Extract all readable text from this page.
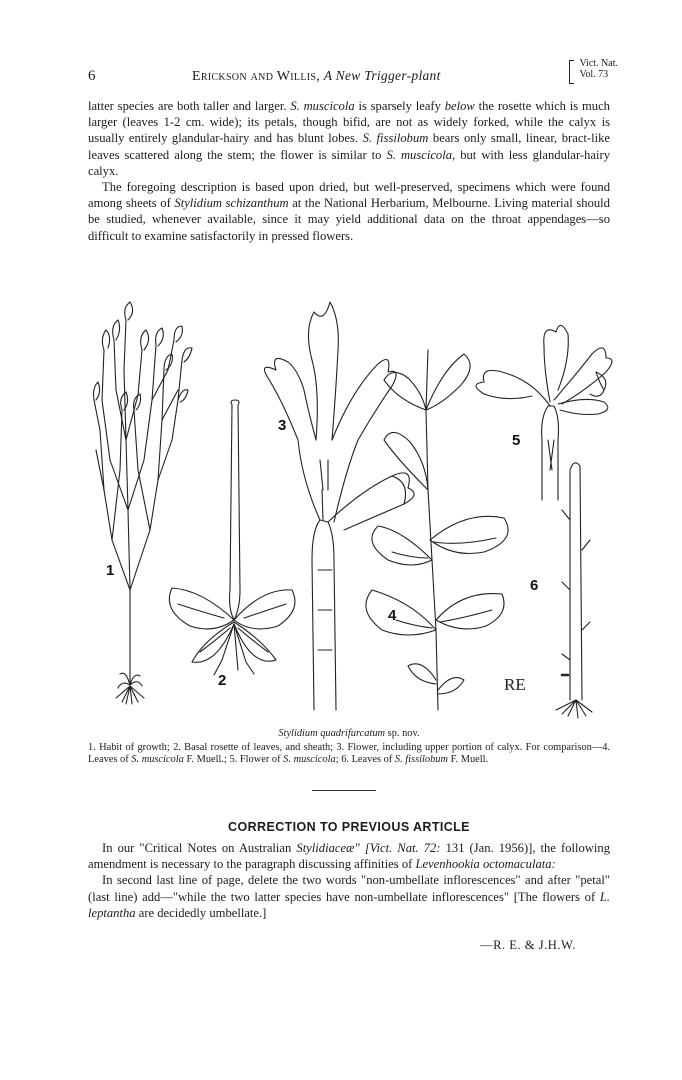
6	Erickson and Willis, A New Trigger-plant
Vict. Nat.
Vol. 73

latter species are both taller and larger. S. muscicola is sparsely leafy below the rosette which is much larger (leaves 1-2 cm. wide); its petals, though bifid, are not as widely forked, while the calyx is usually entirely glandular-hairy and has blunt lobes. S. fissilobum bears only small, linear, bract-like leaves scattered along the stem; the flower is similar to S. muscicola, but with less glandular-hairy calyx.

The foregoing description is based upon dried, but well-preserved, specimens which were found among sheets of Stylidium schizanthum at the National Herbarium, Melbourne. Living material should be studied, whenever available, since it may yield additional data on the throat appendages—so difficult to examine satisfactorily in pressed flowers.

1
2
3
4
5
6
RE
Stylidium quadrifurcatum sp. nov.
1. Habit of growth; 2. Basal rosette of leaves, and sheath; 3. Flower, including upper portion of calyx. For comparison—4. Leaves of S. muscicola F. Muell.; 5. Flower of S. muscicola; 6. Leaves of S. fissilobum F. Muell.
CORRECTION TO PREVIOUS ARTICLE

In our "Critical Notes on Australian Stylidiaceæ" [Vict. Nat. 72: 131 (Jan. 1956)], the following amendment is necessary to the paragraph discussing affinities of Levenhookia octomaculata:

In second last line of page, delete the two words "non-umbellate inflorescences" and after "petal" (last line) add—"while the two latter species have non-umbellate inflorescences" [The flowers of L. leptantha are decidedly umbellate.]

—R. E. & J.H.W.
